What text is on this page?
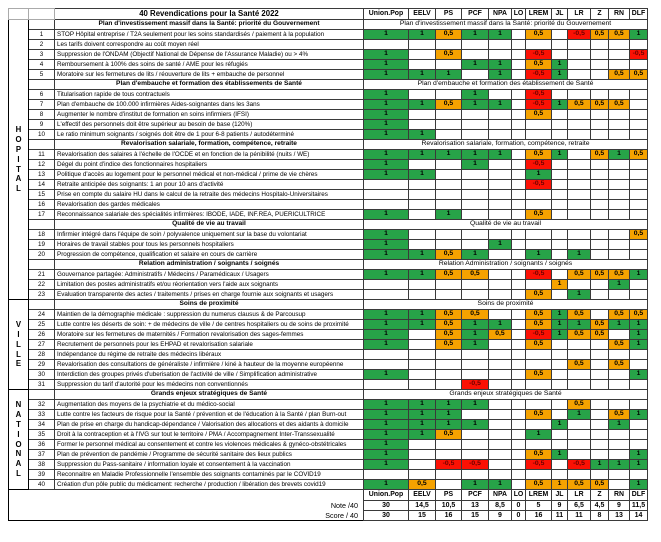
		40 Revendications pour la Santé 2022	Union.Pop	EELV	PS	PCF	NPA	LO	LREM	JL	LR	Z	RN	DLF

H
O
P
I
T
A
L
		Plan d'investissement massif dans la Santé: priorité du Gouvernement	Plan d'investissement massif dans la Santé: priorité du Gouvernement
	1	STOP Hôpital entreprise / T2A seulement pour les soins standardisés / paiement à la population	1	1	0,5	1	1		0,5		-0,5	0,5	0,5	1
	2	Les tarifs doivent correspondre au coût moyen réel												
	3	Suppression de l'ONDAM (Objectif National de Dépense de l'Assurance Maladie) ou > 4%	1		0,5				-0,5					-0,5
	4	Remboursement à 100% des soins de santé / AME pour les réfugiés	1			1	1		0,5	1				
	5	Moratoire sur les fermetures de lits / réouverture de lits + embauche de personnel	1	1	1		1		-0,5	1			0,5	0,5
		Plan d'embauche et formation des établissements de Santé	Plan d'embauche et formation des établissement de Santé											
	6	Titularisation rapide de tous contractuels	1			1			-0,5					
	7	Plan d'embauche de 100.000 infirmières Aides-soignantes dans les 3ans	1	1	0,5	1	1		-0,5	1	0,5	0,5	0,5	
	8	Augmenter le nombre d'institut de formation en soins infirmiers (IFSI)	1						0,5					
	9	L'effectif des personnels doit être supérieur au besoin de base (120%)	1											
	10	Le ratio minimum soignants / soignés doit être de 1 pour 6-8 patients / autodéterminé	1	1										
		Revalorisation salariale, formation, compétence, retraite	Revalorisation salariale, formation, compétence, retraite											
	11	Revalorisation des salaires à l'échelle de l'OCDE et en fonction de la pénibilité (nuits / WE)	1	1	1	1	1		0,5	1		0,5	1	0,5
	12	Dégel du point d'indice des fonctionnaires hospitaliers	1			1			-0,5					
	13	Politique d'accès au logement pour le personnel médical et non-médical / prime de vie chères	1	1					1					
	14	Retraite anticipée des soignants: 1 an pour 10 ans d'activité							-0,5					
	15	Prise en compte du salaire HU dans le calcul de la retraite des médecins Hospitalo-Universitaires												
	16	Revalorisation des gardes médicales												
	17	Reconnaissance salariale des spécialités infirmières: IBODE, IADE, INF.REA, PUERICULTRICE	1		1				0,5					
		Qualité de vie au travail	Qualité de vie au travail											
	18	Infirmier intégré dans l'équipe de soin / polyvalence uniquement sur la base du volontariat	1											0,5
	19	Horaires de travail stables pour tous les personnels hospitaliers	1				1							
	20	Progression de compétence, qualification et salaire en cours de carrière	1	1	0,5	1			1		1			
		Relation administration / soignants / soignés	Relation Administration / soignants / soignés											
	21	Gouvernance partagée: Administratifs / Médecins / Paramédicaux / Usagers	1	1	0,5	0,5			-0,5		0,5	0,5	0,5	1
	22	Limitation des postes administratifs et/ou réorientation vers l'aide aux soignants								1			1	
	23	Evaluation transparente des actes / traitements / prises en charge fournie aux soignants et usagers							0,5		1			

V
I
L
L
E		Soins de proximité	Soins de proximité											
	24	Maintien de la démographie médicale : suppression du numerus clausus & de Parcousup	1	1	0,5	0,5			0,5	1	0,5		0,5	0,5
	25	Lutte contre les déserts de soin: + de médecins de ville / de centres hospitaliers ou de soins de proximité	1	1	0,5	1	1		0,5	1	1	0,5	1	1
	26	Moratoire sur les fermetures de maternités / Formation revalorisation des sages-femmes	1		0,5	1	0,5		-0,5	1	0,5	0,5		1
	27	Recrutement de personnels pour les EHPAD et revalorisation salariale	1		0,5	1			0,5				0,5	1
	28	Indépendance du régime de retraite des médecins libéraux												
	29	Revalorisation des consultations de généraliste / infirmière / kiné à hauteur de la moyenne européenne									0,5		0,5	
	30	Interdiction des groupes privés d'uberisation de l'activité de ville / Simplification administrative	1						0,5					1
	31	Suppression du tarif d'autorité pour les médecins non conventionnés				-0,5								

N
A
T
I
O
N
A
L
		Grands enjeux stratégiques de Santé	Grands enjeux stratégiques de Santé
	32	Augmentation des moyens de la psychiatrie et du médico-social	1	1	1	1					0,5			
	33	Lutte contre les facteurs de risque pour la Santé / prévention et de l'éducation à la Santé / plan Burn-out	1	1	1				0,5		1		0,5	1
	34	Plan de prise en charge du handicap-dépendance / Valorisation des allocations et des aidants à domicile	1	1	1	1				1			1	
	35	Droit à la contraception et à l'IVG sur tout le territoire / PMA / Accompagnement Inter-Transsexualité	1	1	0,5				1					
	36	Former le personnel médical au consentement et contre les violences médicales & gynéco-obstétricales	1											
	37	Plan de prévention de pandémie / Programme de sécurité sanitaire des lieux publics	1						0,5	1				1
	38	Suppression du Pass-sanitaire / information loyale et consentement à la vaccination	1		-0,5	-0,5			-0,5		-0,5	1	1	1
	39	Reconnaitre en Maladie Professionnelle l'ensemble des soignants contaminés par le COVID19												
	40	Création d'un pôle public du médicament: recherche / production / libération des brevets covid19	1	0,5		1	1		0,5	1	0,5	0,5		1
			Union.Pop	EELV	PS	PCF	NPA	LO	LREM	JL	LR	Z	RN	DLF
Note /40			30	14,5	10,5	13	8,5	0	5	9	6,5	4,5	9	11,5
Score / 40			30	15	16	15	9	0	16	11	11	8	13	14
